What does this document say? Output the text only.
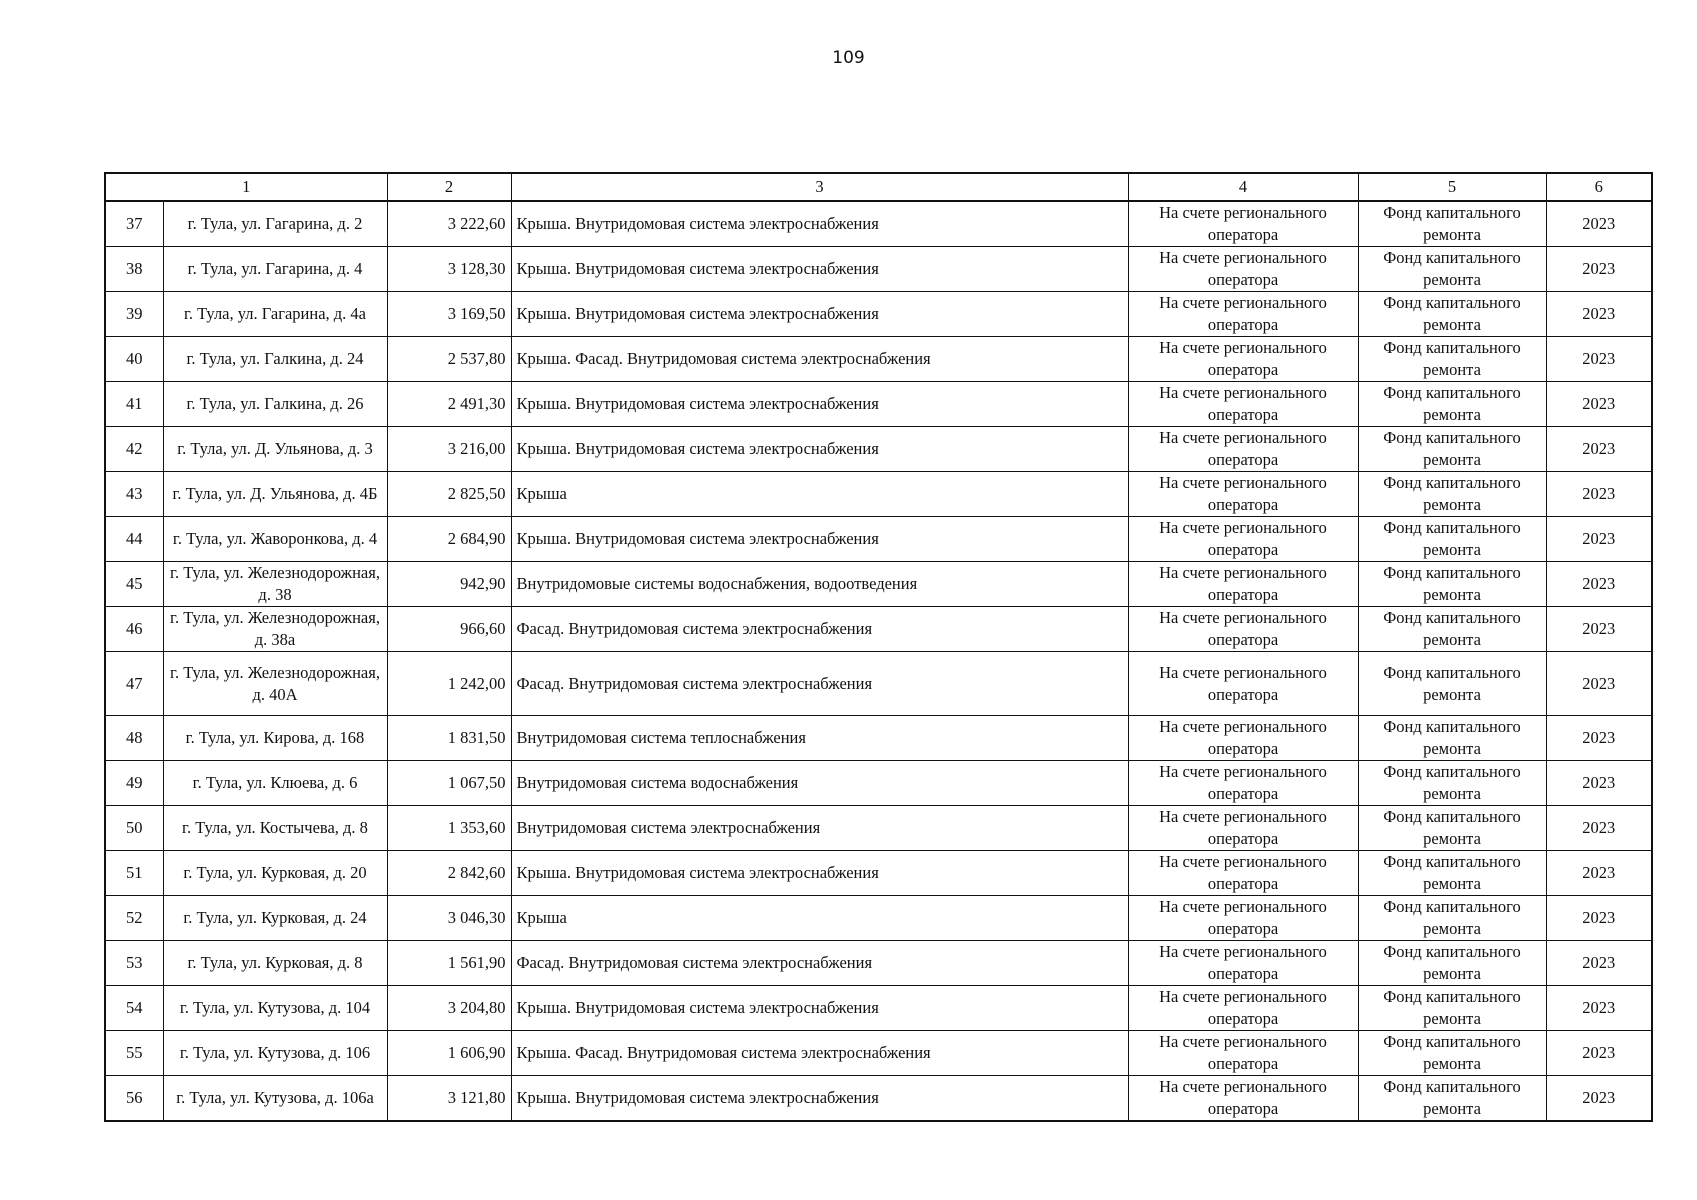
109
1		2	3	4	5	6
37	г. Тула, ул. Гагарина, д. 2	3 222,60	Крыша. Внутридомовая система электроснабжения	На счете регионального оператора	Фонд капитального ремонта	2023
38	г. Тула, ул. Гагарина, д. 4	3 128,30	Крыша. Внутридомовая система электроснабжения	На счете регионального оператора	Фонд капитального ремонта	2023
39	г. Тула, ул. Гагарина, д. 4а	3 169,50	Крыша. Внутридомовая система электроснабжения	На счете регионального оператора	Фонд капитального ремонта	2023
40	г. Тула, ул. Галкина, д. 24	2 537,80	Крыша. Фасад. Внутридомовая система электроснабжения	На счете регионального оператора	Фонд капитального ремонта	2023
41	г. Тула, ул. Галкина, д. 26	2 491,30	Крыша. Внутридомовая система электроснабжения	На счете регионального оператора	Фонд капитального ремонта	2023
42	г. Тула, ул. Д. Ульянова, д. 3	3 216,00	Крыша. Внутридомовая система электроснабжения	На счете регионального оператора	Фонд капитального ремонта	2023
43	г. Тула, ул. Д. Ульянова, д. 4Б	2 825,50	Крыша	На счете регионального оператора	Фонд капитального ремонта	2023
44	г. Тула, ул. Жаворонкова, д. 4	2 684,90	Крыша. Внутридомовая система электроснабжения	На счете регионального оператора	Фонд капитального ремонта	2023
45	г. Тула, ул. Железнодорожная, д. 38	942,90	Внутридомовые системы водоснабжения, водоотведения	На счете регионального оператора	Фонд капитального ремонта	2023
46	г. Тула, ул. Железнодорожная, д. 38а	966,60	Фасад. Внутридомовая система электроснабжения	На счете регионального оператора	Фонд капитального ремонта	2023
47	г. Тула, ул. Железнодорожная, д. 40А	1 242,00	Фасад. Внутридомовая система электроснабжения	На счете регионального оператора	Фонд капитального ремонта	2023
48	г. Тула, ул. Кирова, д. 168	1 831,50	Внутридомовая система теплоснабжения	На счете регионального оператора	Фонд капитального ремонта	2023
49	г. Тула, ул. Клюева, д. 6	1 067,50	Внутридомовая система водоснабжения	На счете регионального оператора	Фонд капитального ремонта	2023
50	г. Тула, ул. Костычева, д. 8	1 353,60	Внутридомовая система электроснабжения	На счете регионального оператора	Фонд капитального ремонта	2023
51	г. Тула, ул. Курковая, д. 20	2 842,60	Крыша. Внутридомовая система электроснабжения	На счете регионального оператора	Фонд капитального ремонта	2023
52	г. Тула, ул. Курковая, д. 24	3 046,30	Крыша	На счете регионального оператора	Фонд капитального ремонта	2023
53	г. Тула, ул. Курковая, д. 8	1 561,90	Фасад. Внутридомовая система электроснабжения	На счете регионального оператора	Фонд капитального ремонта	2023
54	г. Тула, ул. Кутузова, д. 104	3 204,80	Крыша. Внутридомовая система электроснабжения	На счете регионального оператора	Фонд капитального ремонта	2023
55	г. Тула, ул. Кутузова, д. 106	1 606,90	Крыша. Фасад. Внутридомовая система электроснабжения	На счете регионального оператора	Фонд капитального ремонта	2023
56	г. Тула, ул. Кутузова, д. 106а	3 121,80	Крыша. Внутридомовая система электроснабжения	На счете регионального оператора	Фонд капитального ремонта	2023
